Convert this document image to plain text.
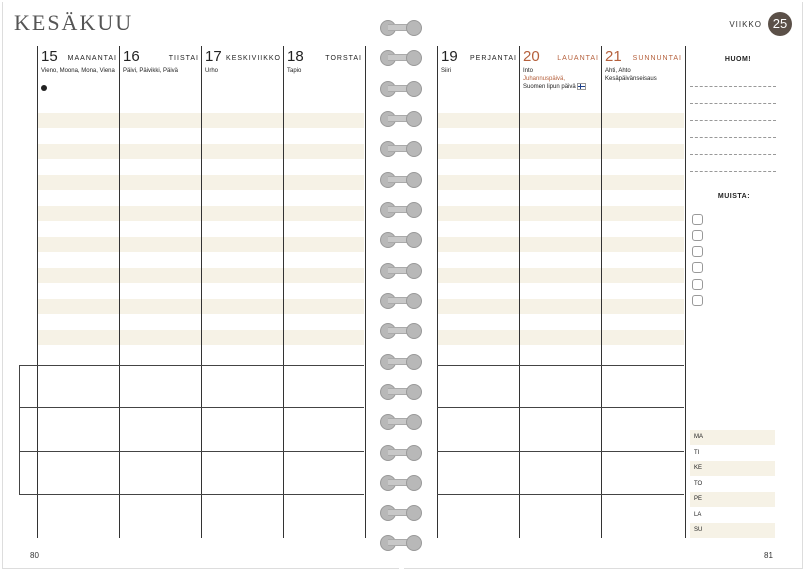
KESÄKUU	VIIKKO 25
15 MAANANTAI
Vieno, Moona, Mona, Viena
16	TIISTAI
Päivi, Päivikki, Päivä
17 KESKIVIIKKO
Urho
18	TORSTAI
Tapio
19 PERJANTAI
Siiri
20	LAUANTAI
Into
Juhannuspäivä,
Suomen lipun päivä
21 SUNNUNTAI
Ahti, Ahto
Kesäpäivänseisaus
HUOM!
MUISTA:
MA
TI
KE
TO
PE
LA
SU
80	81
